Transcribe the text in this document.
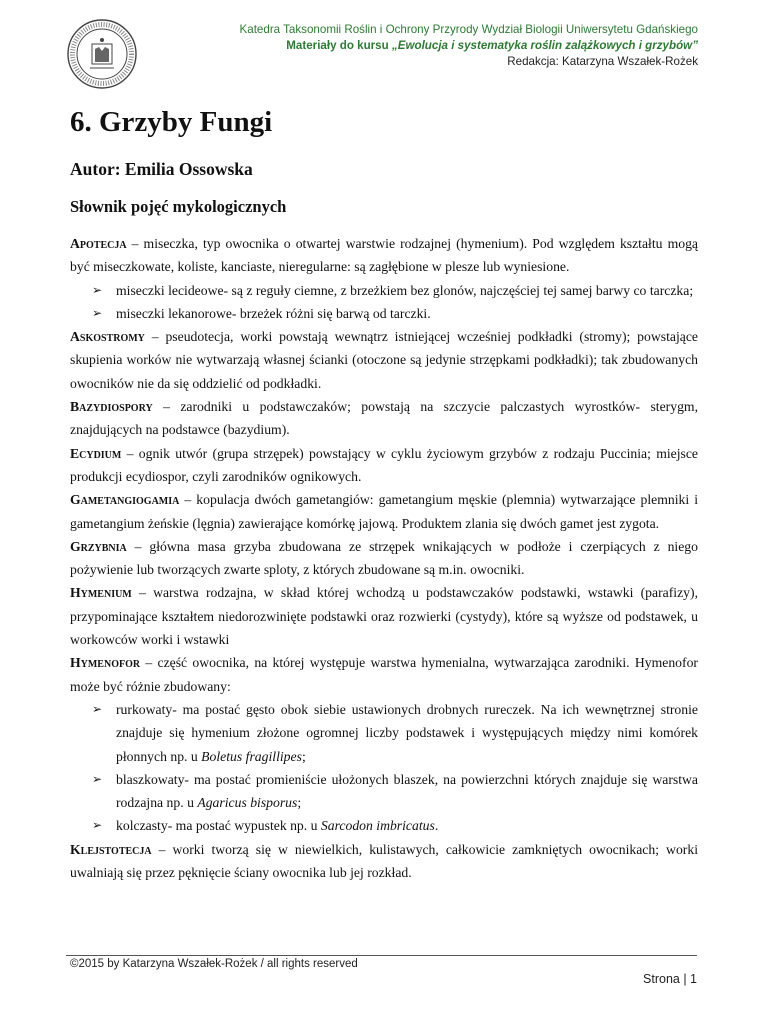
Katedra Taksonomii Roślin i Ochrony Przyrody Wydział Biologii Uniwersytetu Gdańskiego
Materiały do kursu „Ewolucja i systematyka roślin zalążkowych i grzybów”
Redakcja: Katarzyna Wszałek-Rożek
6. Grzyby Fungi
Autor: Emilia Ossowska
Słownik pojęć mykologicznych

Apotecja – miseczka, typ owocnika o otwartej warstwie rodzajnej (hymenium). Pod względem kształtu mogą być miseczkowate, koliste, kanciaste, nieregularne: są zagłębione w plesze lub wyniesione.

➢ miseczki lecideowe- są z reguły ciemne, z brzeżkiem bez glonów, najczęściej tej samej barwy co tarczka;
➢ miseczki lekanorowe- brzeżek różni się barwą od tarczki.

Askostromy – pseudotecja, worki powstają wewnątrz istniejącej wcześniej podkładki (stromy); powstające skupienia worków nie wytwarzają własnej ścianki (otoczone są jedynie strzępkami podkładki); tak zbudowanych owocników nie da się oddzielić od podkładki.

Bazydiospory – zarodniki u podstawczaków; powstają na szczycie palczastych wyrostków- sterygm, znajdujących na podstawce (bazydium).

Ecydium – ognik utwór (grupa strzępek) powstający w cyklu życiowym grzybów z rodzaju Puccinia; miejsce produkcji ecydiospor, czyli zarodników ognikowych.

Gametangiogamia – kopulacja dwóch gametangiów: gametangium męskie (plemnia) wytwarzające plemniki i gametangium żeńskie (lęgnia) zawierające komórkę jajową. Produktem zlania się dwóch gamet jest zygota.

Grzybnia – główna masa grzyba zbudowana ze strzępek wnikających w podłoże i czerpiących z niego pożywienie lub tworzących zwarte sploty, z których zbudowane są m.in. owocniki.

Hymenium – warstwa rodzajna, w skład której wchodzą u podstawczaków podstawki, wstawki (parafizy), przypominające kształtem niedorozwinięte podstawki oraz rozwierki (cystydy), które są wyższe od podstawek, u workowców worki i wstawki

Hymenofor – część owocnika, na której występuje warstwa hymenialna, wytwarzająca zarodniki. Hymenofor może być różnie zbudowany:

➢ rurkowaty- ma postać gęsto obok siebie ustawionych drobnych rureczek. Na ich wewnętrznej stronie znajduje się hymenium złożone ogromnej liczby podstawek i występujących między nimi komórek płonnych np. u Boletus fragillipes;
➢ blaszkowaty- ma postać promieniście ułożonych blaszek, na powierzchni których znajduje się warstwa rodzajna np. u Agaricus bisporus;
➢ kolczasty- ma postać wypustek np. u Sarcodon imbricatus.

Klejstotecja – worki tworzą się w niewielkich, kulistawych, całkowicie zamkniętych owocnikach; worki uwalniają się przez pęknięcie ściany owocnika lub jej rozkład.

©2015 by Katarzyna Wszałek-Rożek / all rights reserved
Strona | 1
